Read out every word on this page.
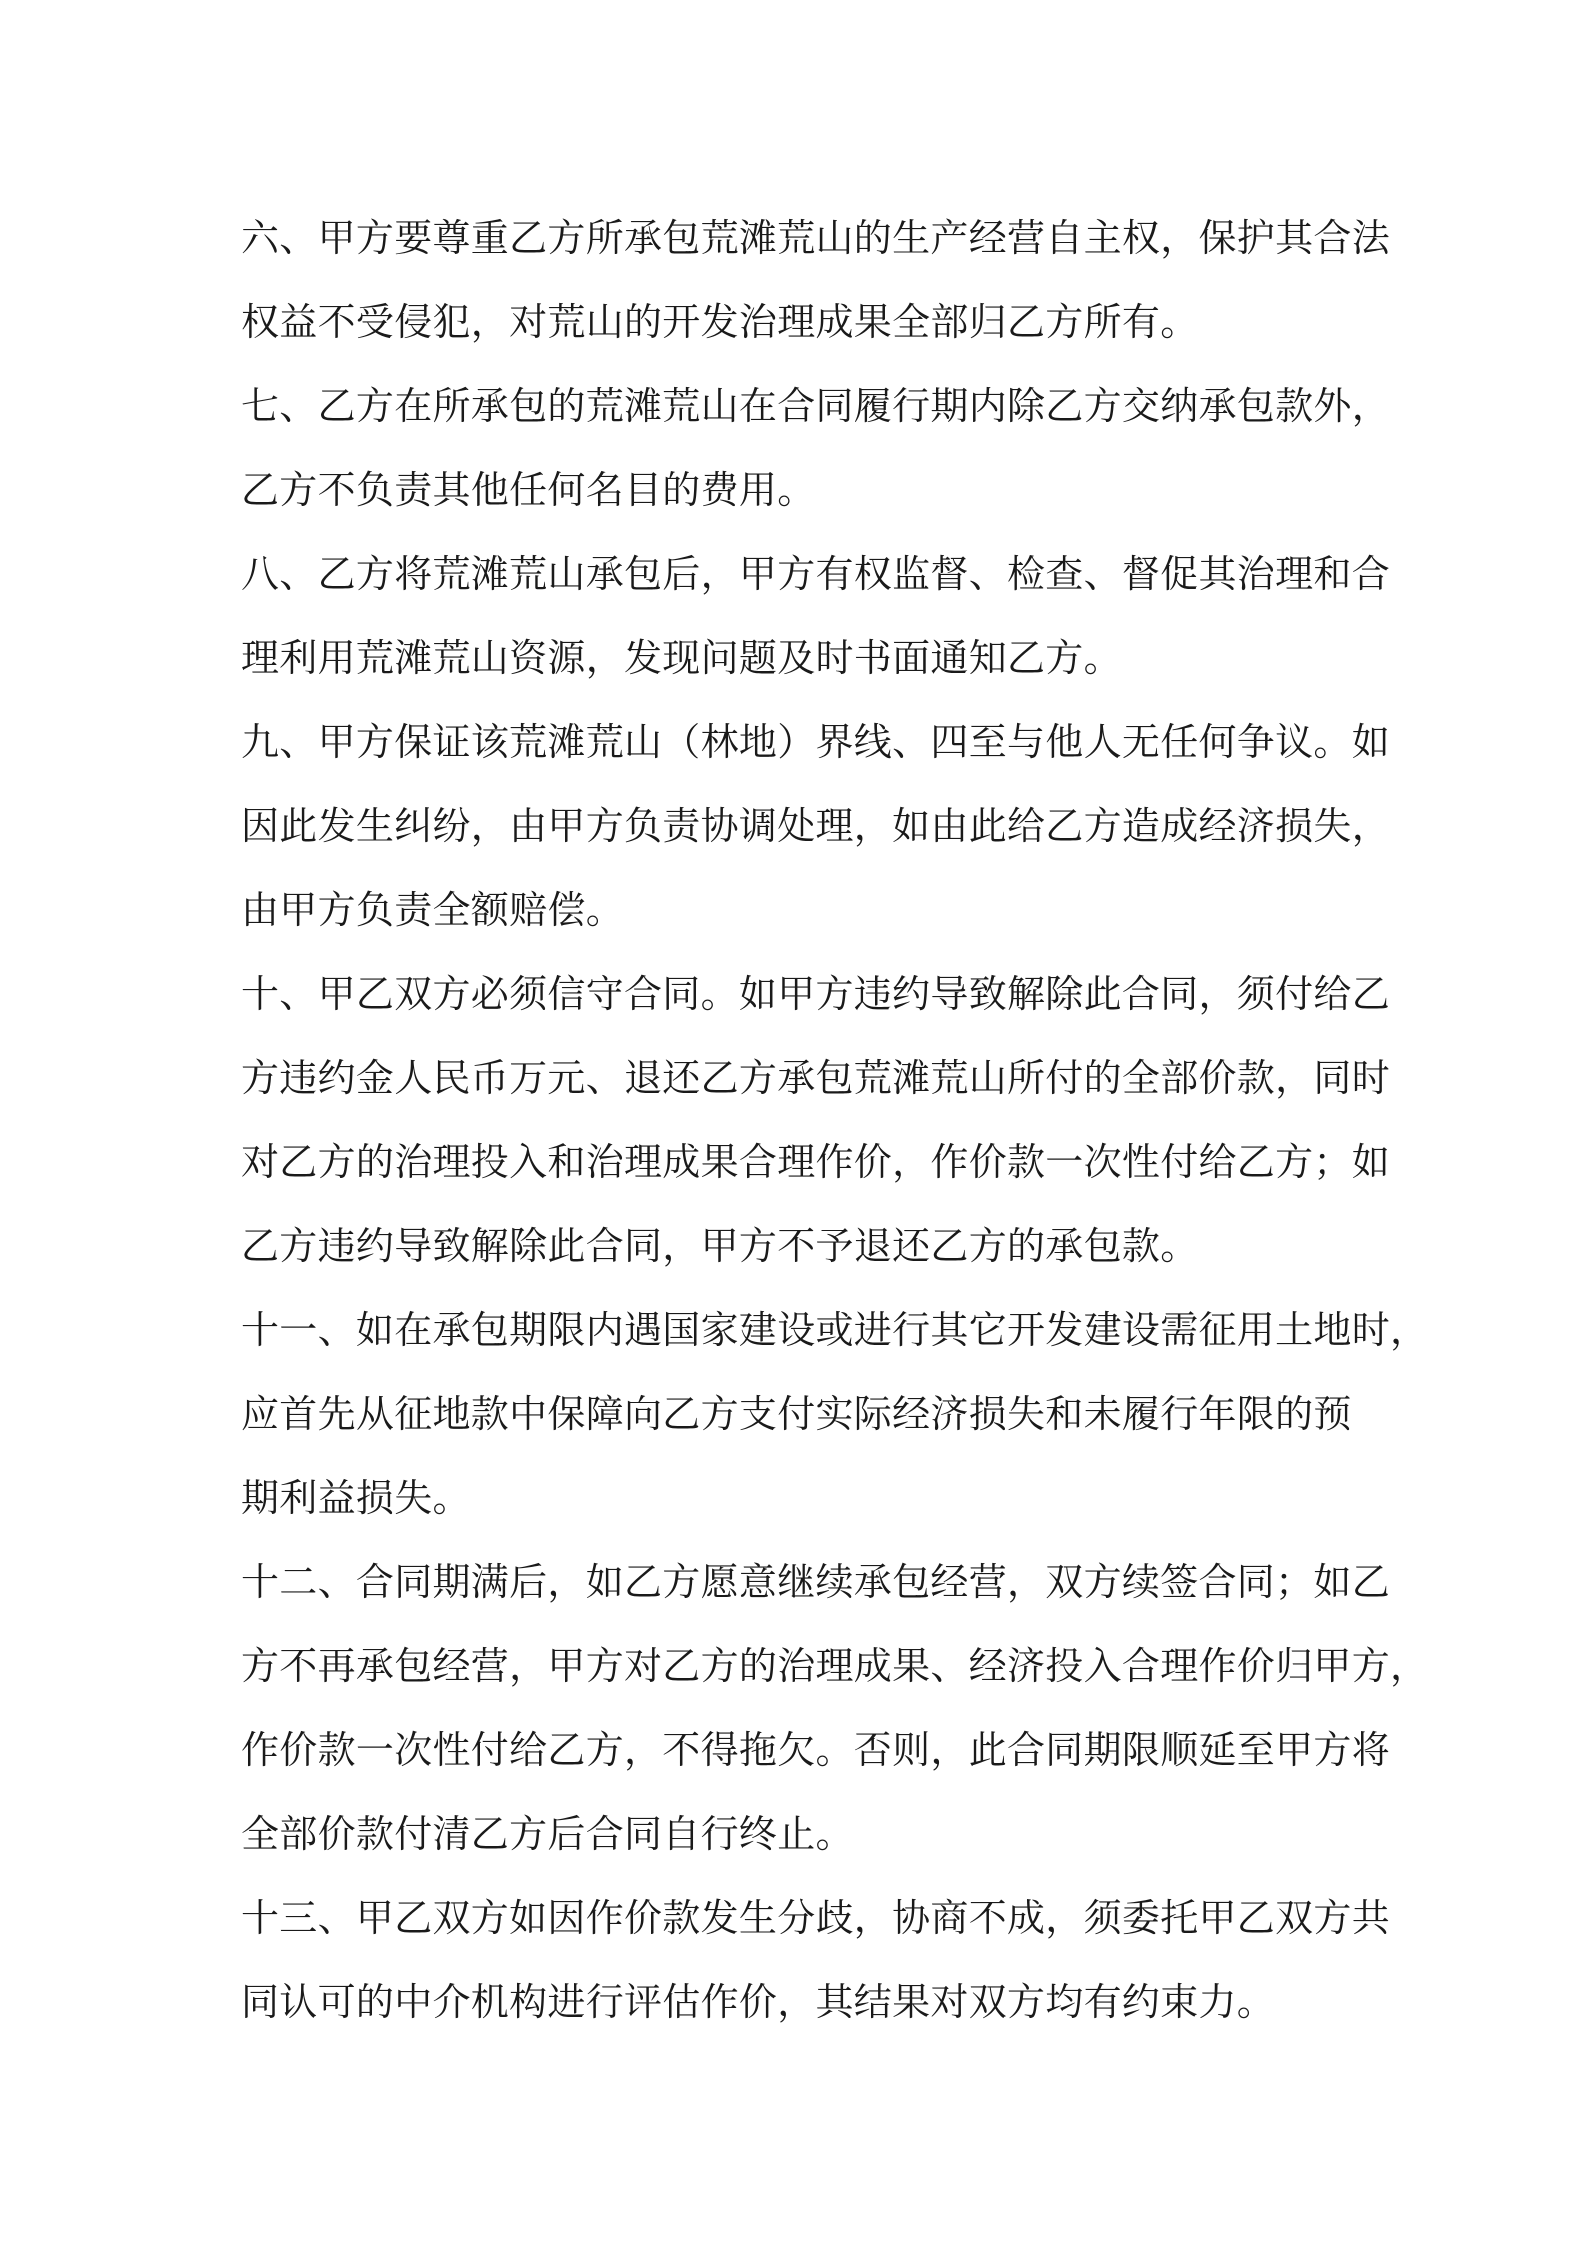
六、甲方要尊重乙方所承包荒滩荒山的生产经营自主权，保护其合法
权益不受侵犯，对荒山的开发治理成果全部归乙方所有。
七、乙方在所承包的荒滩荒山在合同履行期内除乙方交纳承包款外，
乙方不负责其他任何名目的费用。
八、乙方将荒滩荒山承包后，甲方有权监督、检查、督促其治理和合
理利用荒滩荒山资源，发现问题及时书面通知乙方。
九、甲方保证该荒滩荒山（林地）界线、四至与他人无任何争议。如
因此发生纠纷，由甲方负责协调处理，如由此给乙方造成经济损失，
由甲方负责全额赔偿。
十、甲乙双方必须信守合同。如甲方违约导致解除此合同，须付给乙
方违约金人民币万元、退还乙方承包荒滩荒山所付的全部价款，同时
对乙方的治理投入和治理成果合理作价，作价款一次性付给乙方；如
乙方违约导致解除此合同，甲方不予退还乙方的承包款。
十一、如在承包期限内遇国家建设或进行其它开发建设需征用土地时，
应首先从征地款中保障向乙方支付实际经济损失和未履行年限的预
期利益损失。
十二、合同期满后，如乙方愿意继续承包经营，双方续签合同；如乙
方不再承包经营，甲方对乙方的治理成果、经济投入合理作价归甲方，
作价款一次性付给乙方，不得拖欠。否则，此合同期限顺延至甲方将
全部价款付清乙方后合同自行终止。
十三、甲乙双方如因作价款发生分歧，协商不成，须委托甲乙双方共
同认可的中介机构进行评估作价，其结果对双方均有约束力。
